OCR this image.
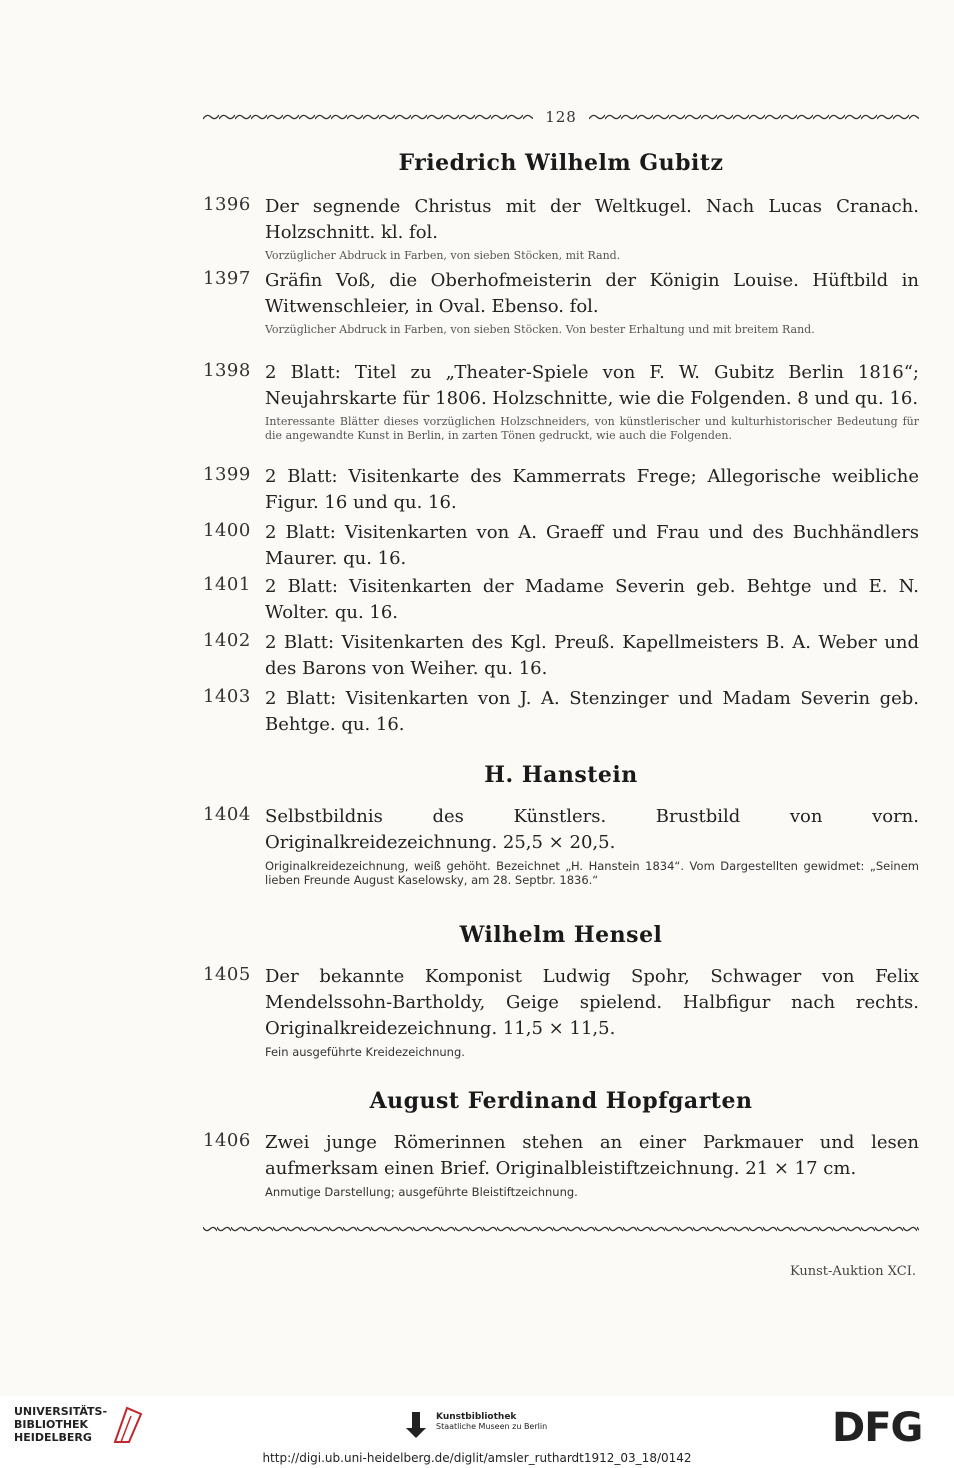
128
Friedrich Wilhelm Gubitz
1396 Der segnende Christus mit der Weltkugel. Nach Lucas Cranach. Holzschnitt. kl. fol.
Vorzüglicher Abdruck in Farben, von sieben Stöcken, mit Rand.
1397 Gräfin Voß, die Oberhofmeisterin der Königin Louise. Hüftbild in Witwenschleier, in Oval. Ebenso. fol.
Vorzüglicher Abdruck in Farben, von sieben Stöcken. Von bester Erhaltung und mit breitem Rand.
1398 2 Blatt: Titel zu „Theater-Spiele von F. W. Gubitz Berlin 1816“; Neujahrskarte für 1806. Holzschnitte, wie die Folgenden. 8 und qu. 16.
Interessante Blätter dieses vorzüglichen Holzschneiders, von künstlerischer und kulturhistorischer Bedeutung für die angewandte Kunst in Berlin, in zarten Tönen gedruckt, wie auch die Folgenden.
1399 2 Blatt: Visitenkarte des Kammerrats Frege; Allegorische weibliche Figur. 16 und qu. 16.
1400 2 Blatt: Visitenkarten von A. Graeff und Frau und des Buchhändlers Maurer. qu. 16.
1401 2 Blatt: Visitenkarten der Madame Severin geb. Behtge und E. N. Wolter. qu. 16.
1402 2 Blatt: Visitenkarten des Kgl. Preuß. Kapellmeisters B. A. Weber und des Barons von Weiher. qu. 16.
1403 2 Blatt: Visitenkarten von J. A. Stenzinger und Madam Severin geb. Behtge. qu. 16.
H. Hanstein
1404 Selbstbildnis des Künstlers. Brustbild von vorn. Originalkreidezeichnung. 25,5 × 20,5.
Originalkreidezeichnung, weiß gehöht. Bezeichnet „H. Hanstein 1834“. Vom Dargestellten gewidmet: „Seinem lieben Freunde August Kaselowsky, am 28. Septbr. 1836.“
Wilhelm Hensel
1405 Der bekannte Komponist Ludwig Spohr, Schwager von Felix Mendelssohn-Bartholdy, Geige spielend. Halbfigur nach rechts. Originalkreidezeichnung. 11,5 × 11,5.
Fein ausgeführte Kreidezeichnung.
August Ferdinand Hopfgarten
1406 Zwei junge Römerinnen stehen an einer Parkmauer und lesen aufmerksam einen Brief. Originalbleistiftzeichnung. 21 × 17 cm.
Anmutige Darstellung; ausgeführte Bleistiftzeichnung.
Kunst-Auktion XCI.
UNIVERSITÄTS-
BIBLIOTHEK
HEIDELBERG
Kunstbibliothek
Staatliche Museen zu Berlin	DFG
http://digi.ub.uni-heidelberg.de/diglit/amsler_ruthardt1912_03_18/0142
